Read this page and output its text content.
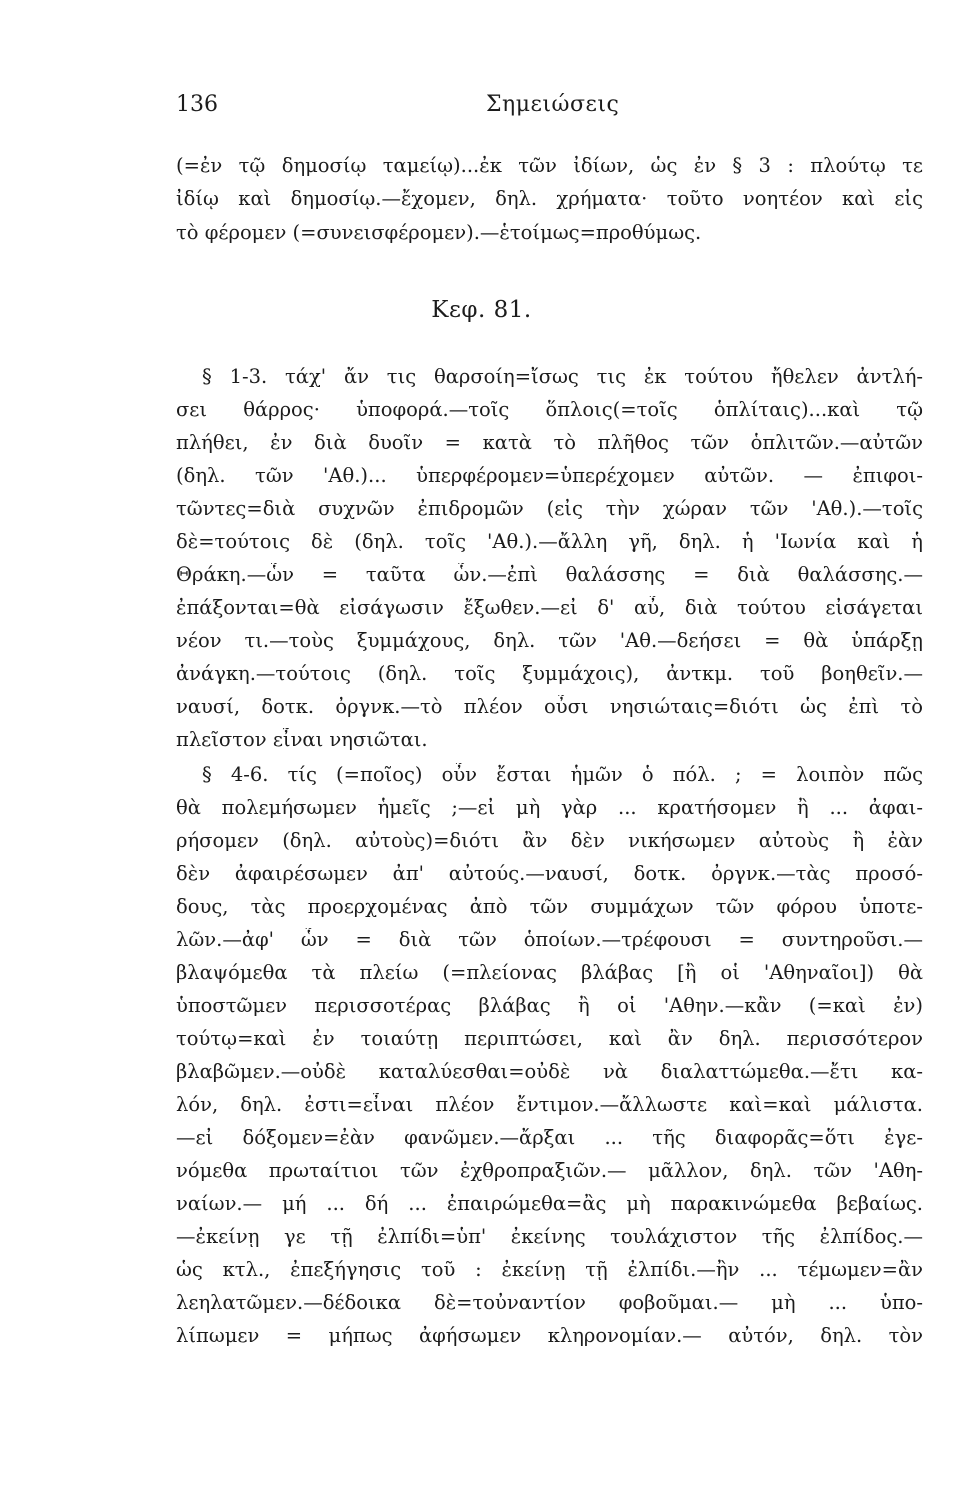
136	Σημειώσεις
(=ἐν τῷ δημοσίῳ ταμείῳ)...ἐκ τῶν ἰδίων, ὡς ἐν § 3 : πλούτῳ τε
ἰδίῳ καὶ δημοσίῳ.—ἔχομεν, δηλ. χρήματα· τοῦτο νοητέον καὶ εἰς
τὸ φέρομεν (=συνεισφέρομεν).—ἑτοίμως=προθύμως.
Κεφ. 81.
§ 1-3. τάχ' ἄν τις θαρσοίη=ἴσως τις ἐκ τούτου ἤθελεν ἀντλή-
σει θάρρος· ὑποφορά.—τοῖς ὅπλοις(=τοῖς ὁπλίταις)...καὶ τῷ
πλήθει, ἐν διὰ δυοῖν = κατὰ τὸ πλῆθος τῶν ὁπλιτῶν.—αὐτῶν
(δηλ. τῶν 'Αθ.)... ὑπερφέρομεν=ὑπερέχομεν αὐτῶν. — ἐπιφοι-
τῶντες=διὰ συχνῶν ἐπιδρομῶν (εἰς τὴν χώραν τῶν 'Αθ.).—τοῖς
δὲ=τούτοις δὲ (δηλ. τοῖς 'Αθ.).—ἄλλη γῆ, δηλ. ἡ 'Ιωνία καὶ ἡ
Θράκη.—ὧν = ταῦτα ὧν.—ἐπὶ θαλάσσης = διὰ θαλάσσης.—
ἐπάξονται=θὰ εἰσάγωσιν ἔξωθεν.—εἰ δ' αὖ, διὰ τούτου εἰσάγεται
νέον τι.—τοὺς ξυμμάχους, δηλ. τῶν 'Αθ.—δεήσει = θὰ ὑπάρξῃ
ἀνάγκη.—τούτοις (δηλ. τοῖς ξυμμάχοις), ἀντκμ. τοῦ βοηθεῖν.—
ναυσί, δοτκ. ὀργνκ.—τὸ πλέον οὖσι νησιώταις=διότι ὡς ἐπὶ τὸ
πλεῖστον εἶναι νησιῶται.
§ 4-6. τίς (=ποῖος) οὖν ἔσται ἡμῶν ὁ πόλ. ; = λοιπὸν πῶς
θὰ πολεμήσωμεν ἡμεῖς ;—εἰ μὴ γὰρ ... κρατήσομεν ἢ ... ἀφαι-
ρήσομεν (δηλ. αὐτοὺς)=διότι ἂν δὲν νικήσωμεν αὐτοὺς ἢ ἐὰν
δὲν ἀφαιρέσωμεν ἀπ' αὐτούς.—ναυσί, δοτκ. ὀργνκ.—τὰς προσό-
δους, τὰς προερχομένας ἀπὸ τῶν συμμάχων τῶν φόρου ὑποτε-
λῶν.—ἀφ' ὧν = διὰ τῶν ὁποίων.—τρέφουσι = συντηροῦσι.—
βλαψόμεθα τὰ πλείω (=πλείονας βλάβας [ἢ οἱ 'Αθηναῖοι]) θὰ
ὑποστῶμεν περισσοτέρας βλάβας ἢ οἱ 'Αθην.—κἂν (=καὶ ἐν)
τούτῳ=καὶ ἐν τοιαύτῃ περιπτώσει, καὶ ἂν δηλ. περισσότερον
βλαβῶμεν.—οὐδὲ καταλύεσθαι=οὐδὲ νὰ διαλαττώμεθα.—ἔτι κα-
λόν, δηλ. ἐστι=εἶναι πλέον ἔντιμον.—ἄλλωστε καὶ=καὶ μάλιστα.
—εἰ δόξομεν=ἐὰν φανῶμεν.—ἄρξαι ... τῆς διαφορᾶς=ὅτι ἐγε-
νόμεθα πρωταίτιοι τῶν ἐχθροπραξιῶν.— μᾶλλον, δηλ. τῶν 'Αθη-
ναίων.— μή ... δή ... ἐπαιρώμεθα=ἂς μὴ παρακινώμεθα βεβαίως.
—ἐκείνῃ γε τῇ ἐλπίδι=ὑπ' ἐκείνης τουλάχιστον τῆς ἐλπίδος.—
ὡς κτλ., ἐπεξήγησις τοῦ : ἐκείνῃ τῇ ἐλπίδι.—ἢν ... τέμωμεν=ἂν
λεηλατῶμεν.—δέδοικα δὲ=τοὐναντίον φοβοῦμαι.— μὴ ... ὑπο-
λίπωμεν = μήπως ἀφήσωμεν κληρονομίαν.— αὐτόν, δηλ. τὸν
